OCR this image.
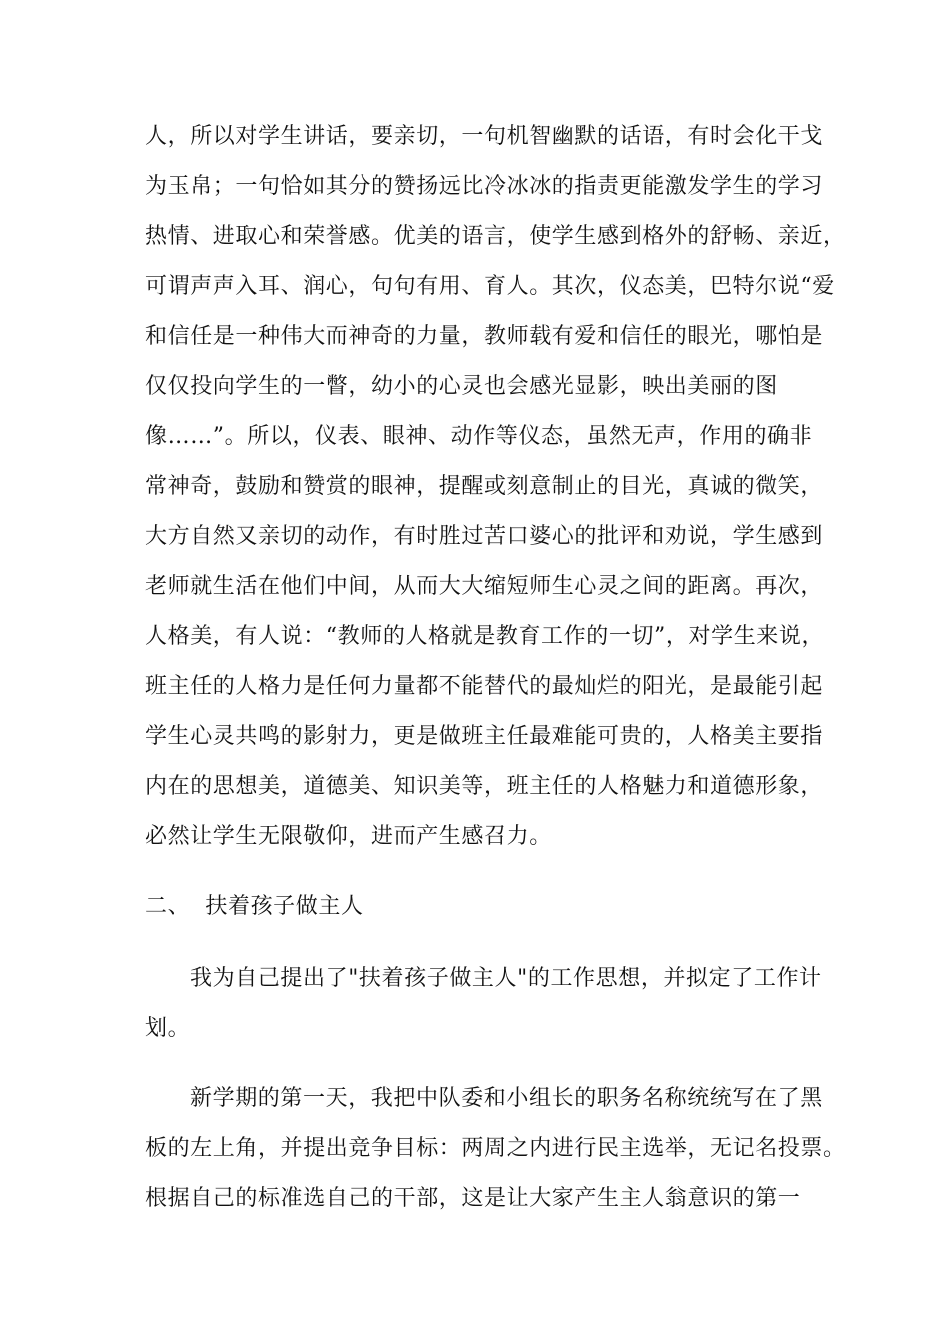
人，所以对学生讲话，要亲切，一句机智幽默的话语，有时会化干戈
为玉帛；一句恰如其分的赞扬远比冷冰冰的指责更能激发学生的学习
热情、进取心和荣誉感。优美的语言，使学生感到格外的舒畅、亲近，
可谓声声入耳、润心，句句有用、育人。其次，仪态美，巴特尔说“爱
和信任是一种伟大而神奇的力量，教师载有爱和信任的眼光，哪怕是
仅仅投向学生的一瞥，幼小的心灵也会感光显影，映出美丽的图
像……”。所以，仪表、眼神、动作等仪态，虽然无声，作用的确非
常神奇，鼓励和赞赏的眼神，提醒或刻意制止的目光，真诚的微笑，
大方自然又亲切的动作，有时胜过苦口婆心的批评和劝说，学生感到
老师就生活在他们中间，从而大大缩短师生心灵之间的距离。再次，
人格美，有人说：“教师的人格就是教育工作的一切”，对学生来说，
班主任的人格力是任何力量都不能替代的最灿烂的阳光，是最能引起
学生心灵共鸣的影射力，更是做班主任最难能可贵的，人格美主要指
内在的思想美，道德美、知识美等，班主任的人格魅力和道德形象，
必然让学生无限敬仰，进而产生感召力。
二、  扶着孩子做主人
我为自己提出了"扶着孩子做主人"的工作思想，并拟定了工作计
划。
新学期的第一天，我把中队委和小组长的职务名称统统写在了黑
板的左上角，并提出竞争目标：两周之内进行民主选举，无记名投票。
根据自己的标准选自己的干部，这是让大家产生主人翁意识的第一
